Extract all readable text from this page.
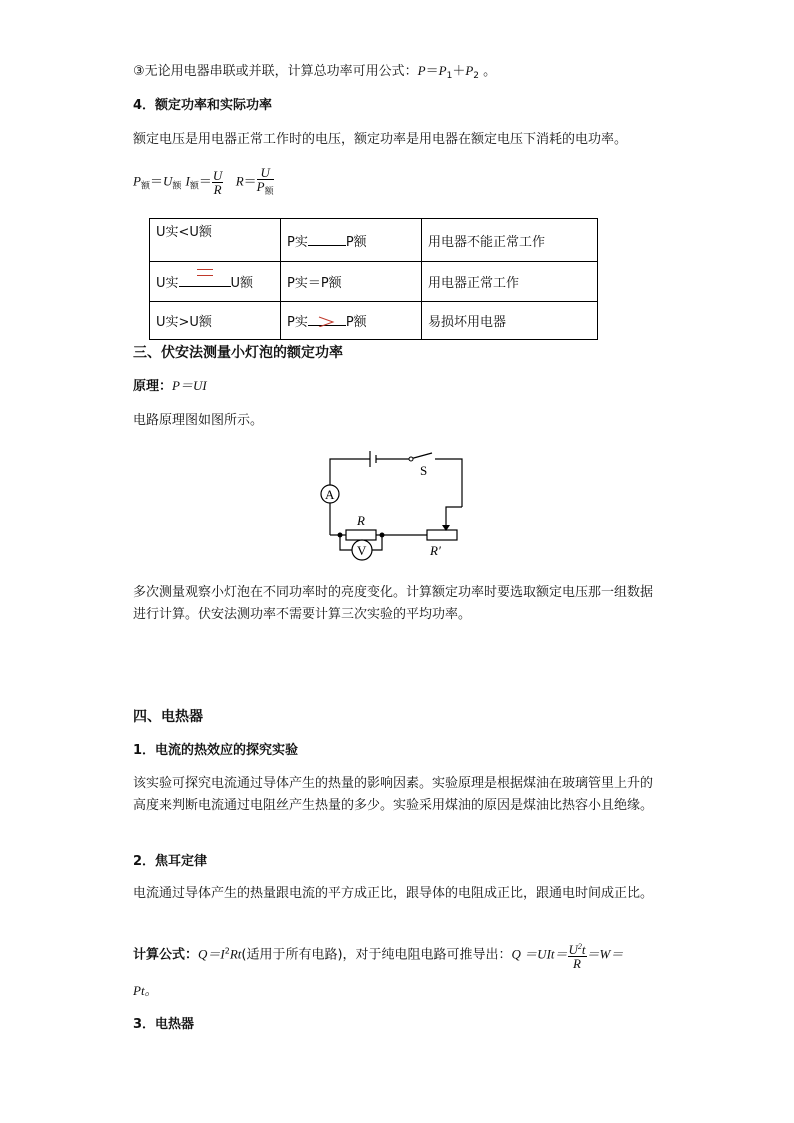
③无论用电器串联或并联，计算总功率可用公式：$P=P_1+P_2$ 。
4．额定功率和实际功率
额定电压是用电器正常工作时的电压，额定功率是用电器在额定电压下消耗的电功率。
$P_额=U_额$ $I_额= \frac{U}{R} R= \frac{U}{P_额}$
U实<U额	P实 P额	用电器不能正常工作
U实 U额	P实＝P额	用电器正常工作
U实>U额	P实 P额	易损坏用电器
三、伏安法测量小灯泡的额定功率
原理：P＝UI
电路原理图如图所示。
S
A
R
V	R′
多次测量观察小灯泡在不同功率时的亮度变化。计算额定功率时要选取额定电压那一组数据进行计算。伏安法测功率不需要计算三次实验的平均功率。
四、电热器
1．电流的热效应的探究实验
该实验可探究电流通过导体产生的热量的影响因素。实验原理是根据煤油在玻璃管里上升的高度来判断电流通过电阻丝产生热量的多少。实验采用煤油的原因是煤油比热容小且绝缘。
2．焦耳定律
电流通过导体产生的热量跟电流的平方成正比，跟导体的电阻成正比，跟通电时间成正比。
计算公式：$Q=I^2Rt$(适用于所有电路)，对于纯电阻电路可推导出：$Q =UIt= \frac{U^2t}{R} =W=$
Pt。
3．电热器
